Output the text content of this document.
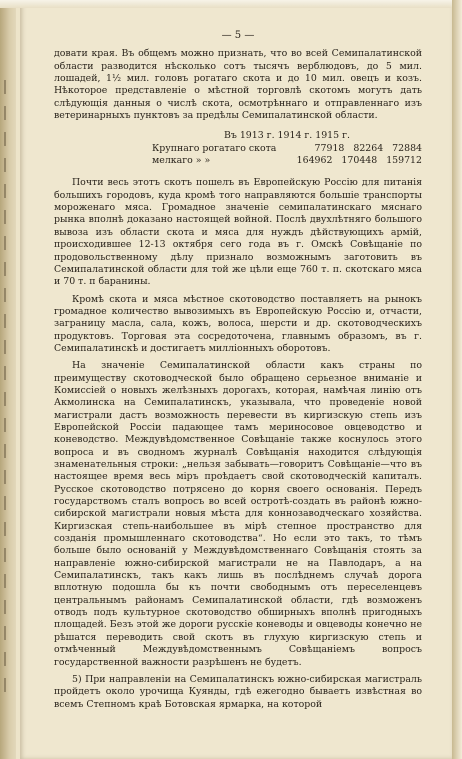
— 5 —

довати края. Въ общемъ можно признать, что во всей Семипалатинской области разводится нѣсколько сотъ тысячъ верблюдовъ, до 5 мил. лошадей, 1½ мил. головъ рогатаго скота и до 10 мил. овецъ и козъ. Нѣкоторое представленіе о мѣстной торговлѣ скотомъ могутъ дать слѣдующія данныя о числѣ скота, осмотрѣннаго и отправленнаго изъ ветеринарныхъ пунктовъ за предѣлы Семипалатинской области.

Въ 1913 г. 1914 г. 1915 г.
Крупнаго рогатаго скота	77918 82264 72884
мелкаго » »	164962 170448 159712

Почти весь этотъ скотъ пошелъ въ Европейскую Россію для питанія большихъ городовъ, куда кромѣ того направляются большіе транспорты мороженаго мяса. Громадное значеніе семипалатинскаго мяснаго рынка вполнѣ доказано настоящей войной. Послѣ двухлѣтняго большого вывоза изъ области скота и мяса для нуждъ дѣйствующихъ армій, происходившее 12-13 октября сего года въ г. Омскѣ Совѣщаніе по продовольственному дѣлу признало возможнымъ заготовить въ Семипалатинской области для той же цѣли еще 760 т. п. скотскаго мяса и 70 т. п баранины.

Кромѣ скота и мяса мѣстное скотоводство поставляетъ на рынокъ громадное количество вывозимыхъ въ Европейскую Россію и, отчасти, заграницу масла, сала, кожъ, волоса, шерсти и др. скотоводческихъ продуктовъ. Торговая эта сосредоточена, главнымъ образомъ, въ г. Семипалатинскѣ и достигаетъ милліонныхъ оборотовъ.

На значеніе Семипалатинской области какъ страны по преимуществу скотоводческой было обращено серьезное вниманіе и Комиссіей о новыхъ желѣзныхъ дорогахъ, которая, намѣчая линію отъ Акмолинска на Семипалатинскъ, указывала, что проведеніе новой магистрали дастъ возможность перевести въ киргизскую степь изъ Европейской Россіи падающее тамъ мериносовое овцеводство и коневодство. Междувѣдомственное Совѣщаніе также коснулось этого вопроса и въ сводномъ журналѣ Совѣщанія находится слѣдующія знаменательныя строки: „нельзя забывать—говоритъ Совѣщаніе—что въ настоящее время весь міръ проѣдаетъ свой скотоводческій капиталъ. Русское скотоводство потрясено до корня своего основанія. Передъ государствомъ сталъ вопросъ во всей остротѣ-создать въ районѣ южно-сибирской магистрали новыя мѣста для коннозаводческаго хозяйства. Киргизская степь-наибольшее въ мірѣ степное пространство для созданія промышленнаго скотоводства“. Но если это такъ, то тѣмъ больше было основаній у Междувѣдомственнаго Совѣщанія стоять за направленіе южно-сибирской магистрали не на Павлодаръ, а на Семипалатинскъ, такъ какъ лишь въ послѣднемъ случаѣ дорога вплотную подошла бы къ почти свободнымъ отъ переселенцевъ центральнымъ районамъ Семипалатинской области, гдѣ возможенъ отводъ подъ культурное скотоводство обширныхъ вполнѣ пригодныхъ площадей. Безъ этой же дороги русскіе коневоды и овцеводы конечно не рѣшатся переводить свой скотъ въ глухую киргизскую степь и отмѣченный Междувѣдомственнымъ Совѣщаніемъ вопросъ государственной важности разрѣшенъ не будетъ.

5) При направленіи на Семипалатинскъ южно-сибирская магистраль пройдетъ около урочища Куянды, гдѣ ежегодно бываетъ извѣстная во всемъ Степномъ краѣ Ботовская ярмарка, на которой
